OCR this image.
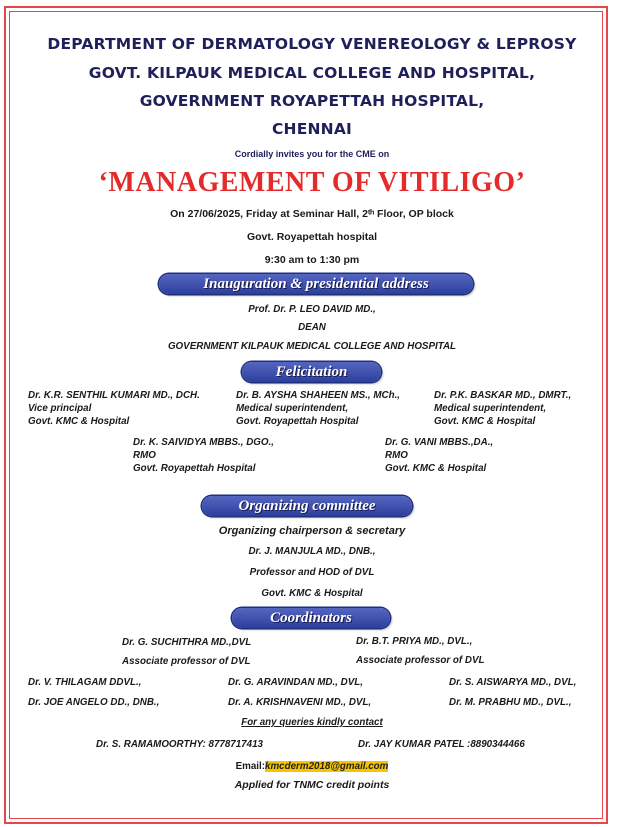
DEPARTMENT OF DERMATOLOGY VENEREOLOGY & LEPROSY
GOVT. KILPAUK MEDICAL COLLEGE AND HOSPITAL,
GOVERNMENT ROYAPETTAH HOSPITAL,
CHENNAI
Cordially invites you for the CME on
‘MANAGEMENT OF VITILIGO’
On 27/06/2025, Friday at Seminar Hall, 2ᵗʰ Floor, OP block
Govt. Royapettah hospital
9:30 am to 1:30 pm
Inauguration & presidential address
Prof. Dr. P. LEO DAVID MD.,
DEAN
GOVERNMENT KILPAUK MEDICAL COLLEGE AND HOSPITAL
Felicitation
Dr. K.R. SENTHIL KUMARI MD., DCH.
Vice principal
Govt. KMC & Hospital
Dr. B. AYSHA SHAHEEN MS., MCh.,
Medical superintendent,
Govt. Royapettah Hospital
Dr. P.K. BASKAR MD., DMRT.,
Medical superintendent,
Govt. KMC & Hospital
Dr. K. SAIVIDYA MBBS., DGO.,
RMO
Govt. Royapettah Hospital
Dr. G. VANI MBBS.,DA.,
RMO
Govt. KMC & Hospital
Organizing committee
Organizing chairperson & secretary
Dr. J. MANJULA MD., DNB.,
Professor and HOD of DVL
Govt. KMC & Hospital
Coordinators
Dr. G. SUCHITHRA MD.,DVL
Associate professor of DVL
Dr. B.T. PRIYA MD., DVL.,
Associate professor of DVL
Dr. V. THILAGAM DDVL.,	Dr. G. ARAVINDAN MD., DVL,	Dr. S. AISWARYA MD., DVL,
Dr. JOE ANGELO DD., DNB.,	Dr. A. KRISHNAVENI MD., DVL,	Dr. M. PRABHU MD., DVL.,
For any queries kindly contact
Dr. S. RAMAMOORTHY: 8778717413	Dr. JAY KUMAR PATEL :8890344466
Email:kmcderm2018@gmail.com
Applied for TNMC credit points
